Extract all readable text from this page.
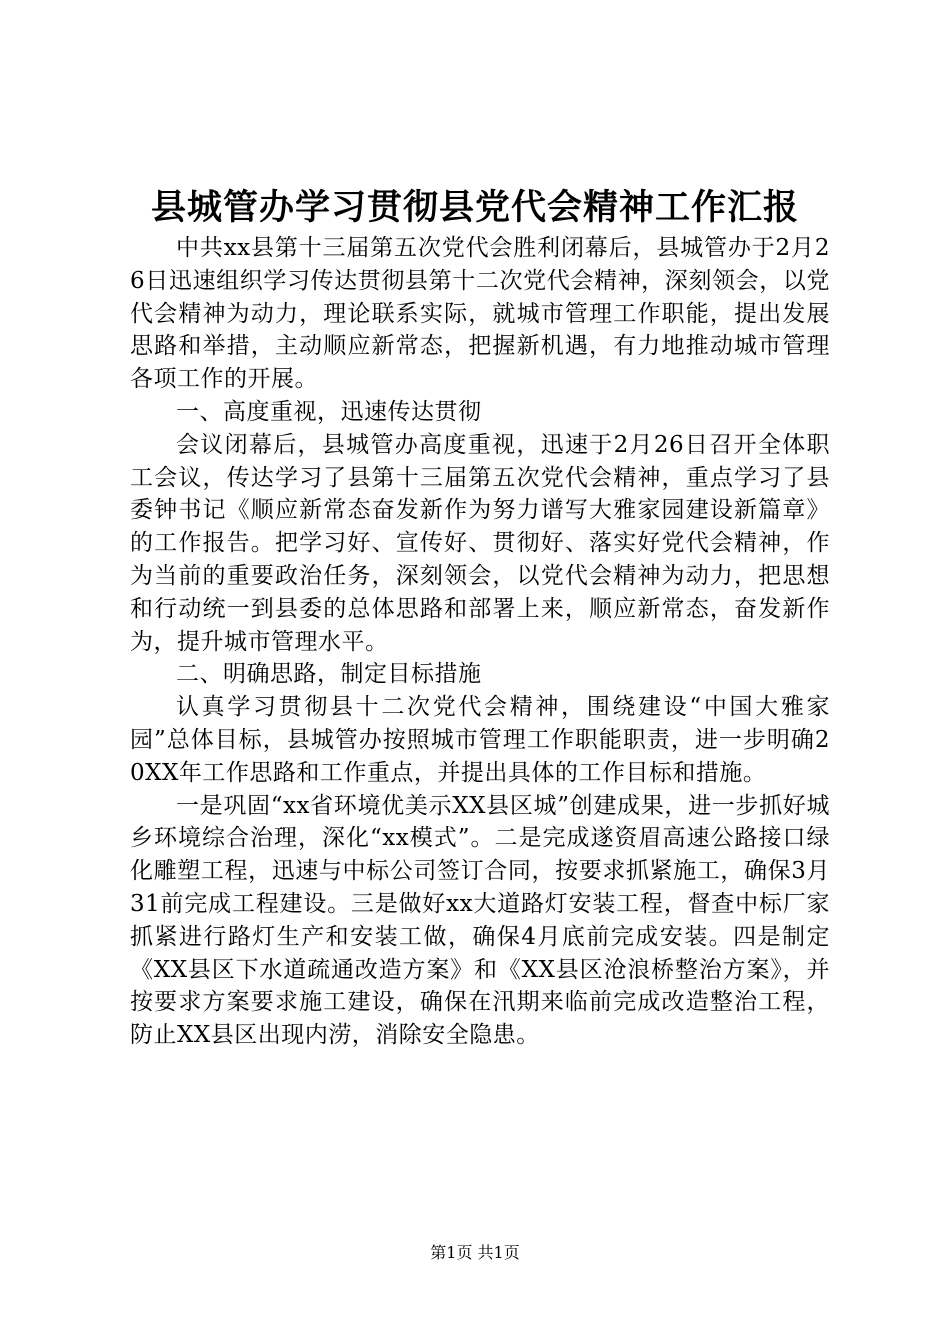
县城管办学习贯彻县党代会精神工作汇报

中共xx县第十三届第五次党代会胜利闭幕后，县城管办于2月26日迅速组织学习传达贯彻县第十二次党代会精神，深刻领会，以党代会精神为动力，理论联系实际，就城市管理工作职能，提出发展思路和举措，主动顺应新常态，把握新机遇，有力地推动城市管理各项工作的开展。

一、高度重视，迅速传达贯彻

会议闭幕后，县城管办高度重视，迅速于2月26日召开全体职工会议，传达学习了县第十三届第五次党代会精神，重点学习了县委钟书记《顺应新常态奋发新作为努力谱写大雅家园建设新篇章》的工作报告。把学习好、宣传好、贯彻好、落实好党代会精神，作为当前的重要政治任务，深刻领会，以党代会精神为动力，把思想和行动统一到县委的总体思路和部署上来，顺应新常态，奋发新作为，提升城市管理水平。

二、明确思路，制定目标措施

认真学习贯彻县十二次党代会精神，围绕建设“中国大雅家园”总体目标，县城管办按照城市管理工作职能职责，进一步明确20XX年工作思路和工作重点，并提出具体的工作目标和措施。

一是巩固“xx省环境优美示XX县区城”创建成果，进一步抓好城乡环境综合治理，深化“xx模式”。二是完成遂资眉高速公路接口绿化雕塑工程，迅速与中标公司签订合同，按要求抓紧施工，确保3月31前完成工程建设。三是做好xx大道路灯安装工程，督查中标厂家抓紧进行路灯生产和安装工做，确保4月底前完成安装。四是制定《XX县区下水道疏通改造方案》和《XX县区沧浪桥整治方案》，并按要求方案要求施工建设，确保在汛期来临前完成改造整治工程，防止XX县区出现内涝，消除安全隐患。

第1页 共1页
